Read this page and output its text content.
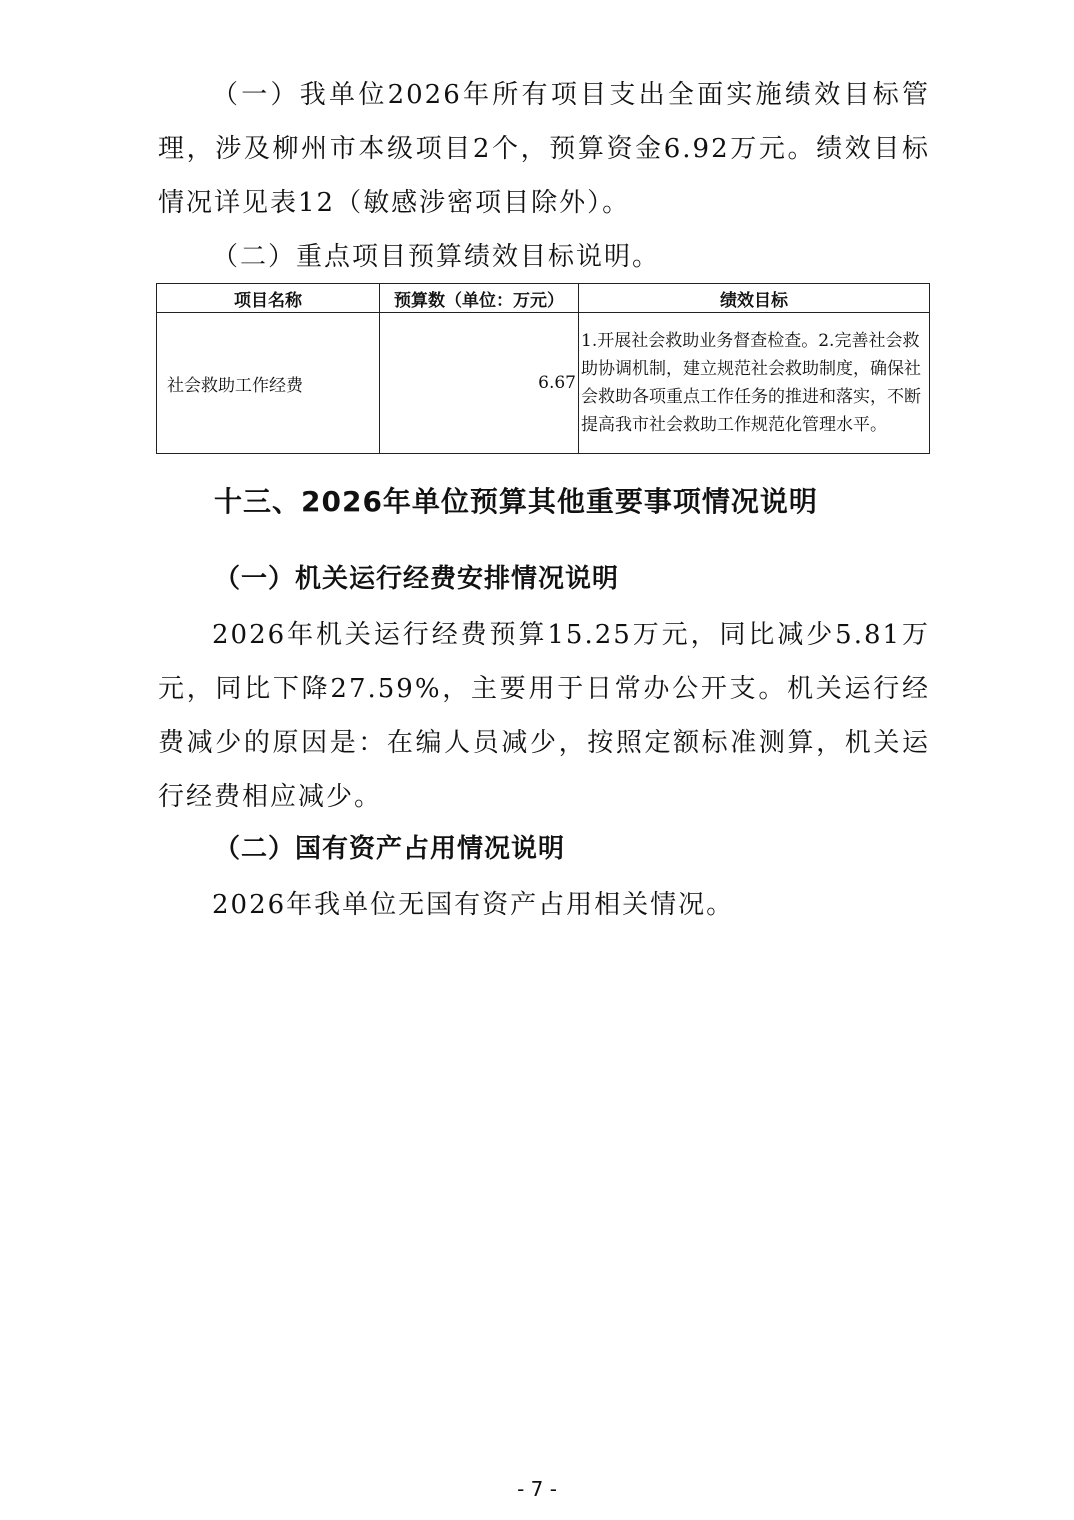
（一）我单位2026年所有项目支出全面实施绩效目标管理，涉及柳州市本级项目2个，预算资金6.92万元。绩效目标情况详见表12（敏感涉密项目除外）。

（二）重点项目预算绩效目标说明。

项目名称	预算数（单位：万元）	绩效目标
社会救助工作经费	6.67	1.开展社会救助业务督查检查。2.完善社会救助协调机制，建立规范社会救助制度，确保社会救助各项重点工作任务的推进和落实，不断提高我市社会救助工作规范化管理水平。
十三、2026年单位预算其他重要事项情况说明
（一）机关运行经费安排情况说明

2026年机关运行经费预算15.25万元，同比减少5.81万元，同比下降27.59%，主要用于日常办公开支。机关运行经费减少的原因是：在编人员减少，按照定额标准测算，机关运行经费相应减少。

（二）国有资产占用情况说明

2026年我单位无国有资产占用相关情况。

- 7 -
